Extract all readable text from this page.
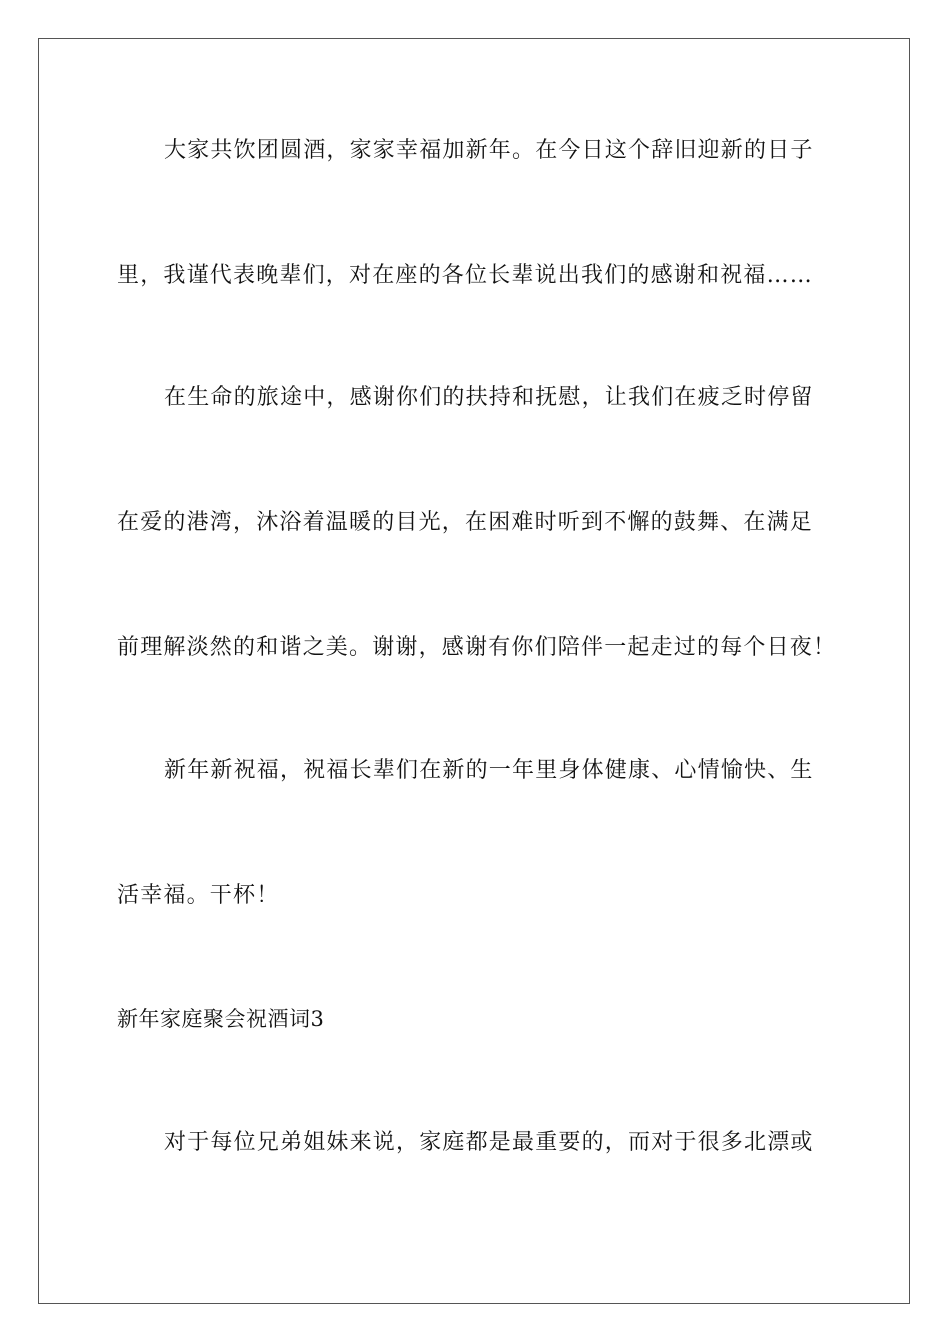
大家共饮团圆酒，家家幸福加新年。在今日这个辞旧迎新的日子
里，我谨代表晚辈们，对在座的各位长辈说出我们的感谢和祝福……
在生命的旅途中，感谢你们的扶持和抚慰，让我们在疲乏时停留
在爱的港湾，沐浴着温暖的目光，在困难时听到不懈的鼓舞、在满足
前理解淡然的和谐之美。谢谢，感谢有你们陪伴一起走过的每个日夜！
新年新祝福，祝福长辈们在新的一年里身体健康、心情愉快、生
活幸福。干杯！
新年家庭聚会祝酒词3
对于每位兄弟姐妹来说，家庭都是最重要的，而对于很多北漂或
